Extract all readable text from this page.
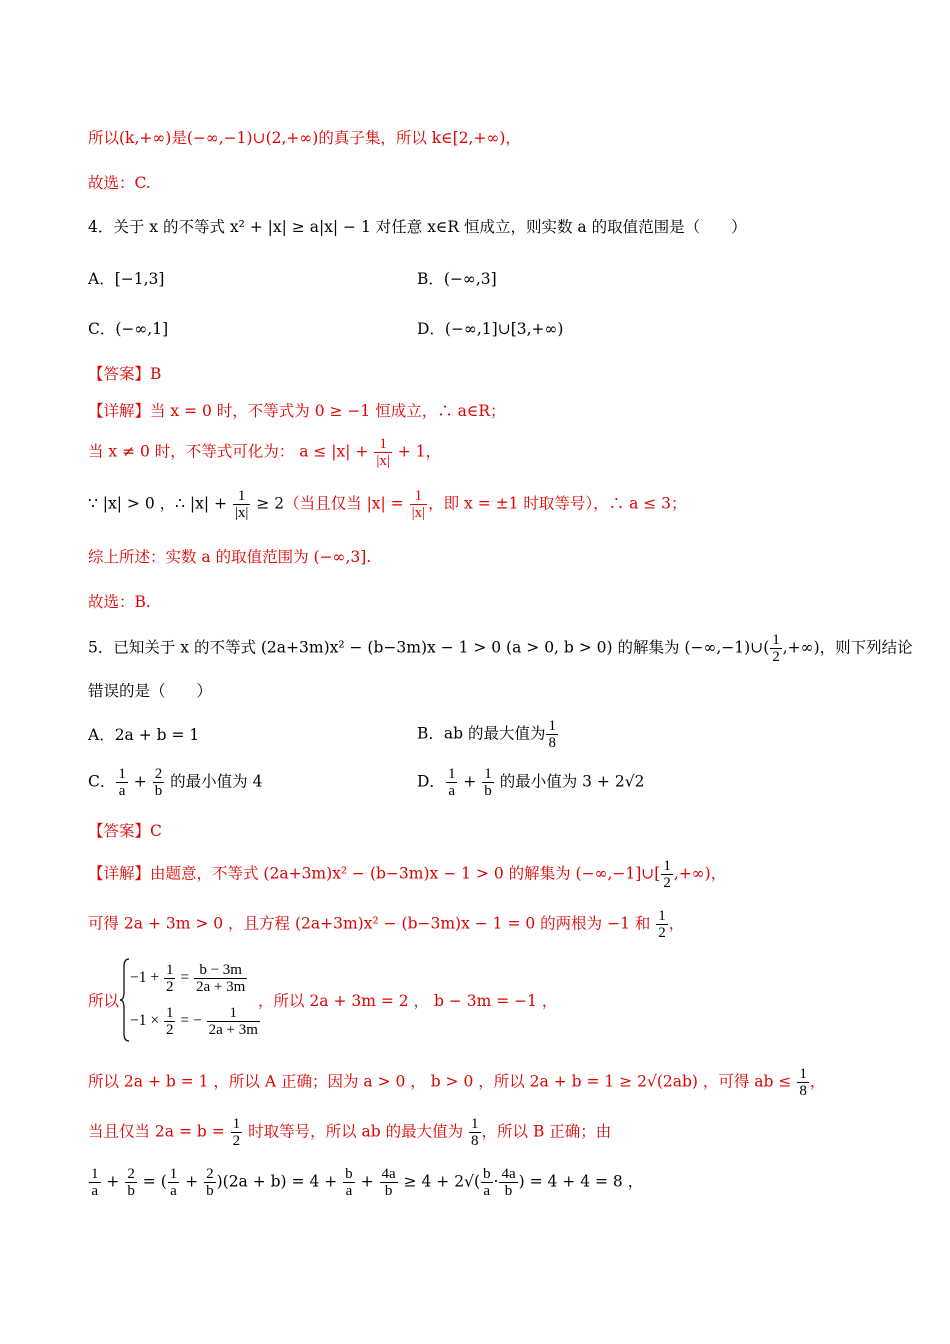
所以(k,+∞)是(−∞,−1)∪(2,+∞)的真子集，所以 k∈[2,+∞)，
故选：C.
4．关于 x 的不等式 x² + |x| ≥ a|x| − 1 对任意 x∈R 恒成立，则实数 a 的取值范围是（　　）
A．[−1,3]	B．(−∞,3]
C．(−∞,1]	D．(−∞,1]∪[3,+∞)
【答案】B
【详解】当 x = 0 时，不等式为 0 ≥ −1 恒成立，∴ a∈R；
当 x ≠ 0 时，不等式可化为： $a \le |x| + \frac{1}{|x|} + 1$，
∵ |x| > 0 ，∴ $|x| + \frac{1}{|x|} \ge 2$（当且仅当 $|x| = \frac{1}{|x|}$ ，即 x = ±1 时取等号），∴ a ≤ 3；
综上所述：实数 a 的取值范围为 (−∞,3].
故选：B.
5．已知关于 x 的不等式 (2a+3m)x² − (b−3m)x − 1 > 0 (a > 0, b > 0) 的解集为 (−∞,−1)∪( $\frac{1}{2}$ ,+∞)，则下列结论
错误的是（　　）
A．2a + b = 1	B．ab 的最大值为 $\frac{1}{8}$
C． $\frac{1}{a} + \frac{2}{b}$ 的最小值为 4	D． $\frac{1}{a} + \frac{1}{b}$ 的最小值为 3 + 2√2
【答案】C
【详解】由题意，不等式 (2a+3m)x² − (b−3m)x − 1 > 0 的解集为 (−∞,−1]∪[ $\frac{1}{2}$ ,+∞)，
可得 2a + 3m > 0 ，且方程 (2a+3m)x² − (b−3m)x − 1 = 0 的两根为 −1 和 $\frac{1}{2}$ ，
所以
$-1 + \frac{1}{2} = \frac{b - 3m}{2a + 3m}$
$-1 \times \frac{1}{2}$ = − $\frac{1}{2a + 3m}$
，所以 2a + 3m = 2 ， b − 3m = −1 ，
所以 2a + b = 1 ，所以 A 正确；因为 a > 0 ， b > 0 ，所以 2a + b = 1 ≥ 2√(2ab) ，可得 ab ≤ $\frac{1}{8}$ ，
当且仅当 $2a = b = \frac{1}{2}$ 时取等号，所以 ab 的最大值为 $\frac{1}{8}$ ，所以 B 正确；由
$\frac{1}{a} + \frac{2}{b}$ = ( $\frac{1}{a} + \frac{2}{b} )(2a + b) = 4 + \frac{b}{a} + \frac{4a}{b} \ge 4 + 2√( \frac{b}{a} \cdot \frac{4a}{b}$ ) = 4 + 4 = 8 ，
